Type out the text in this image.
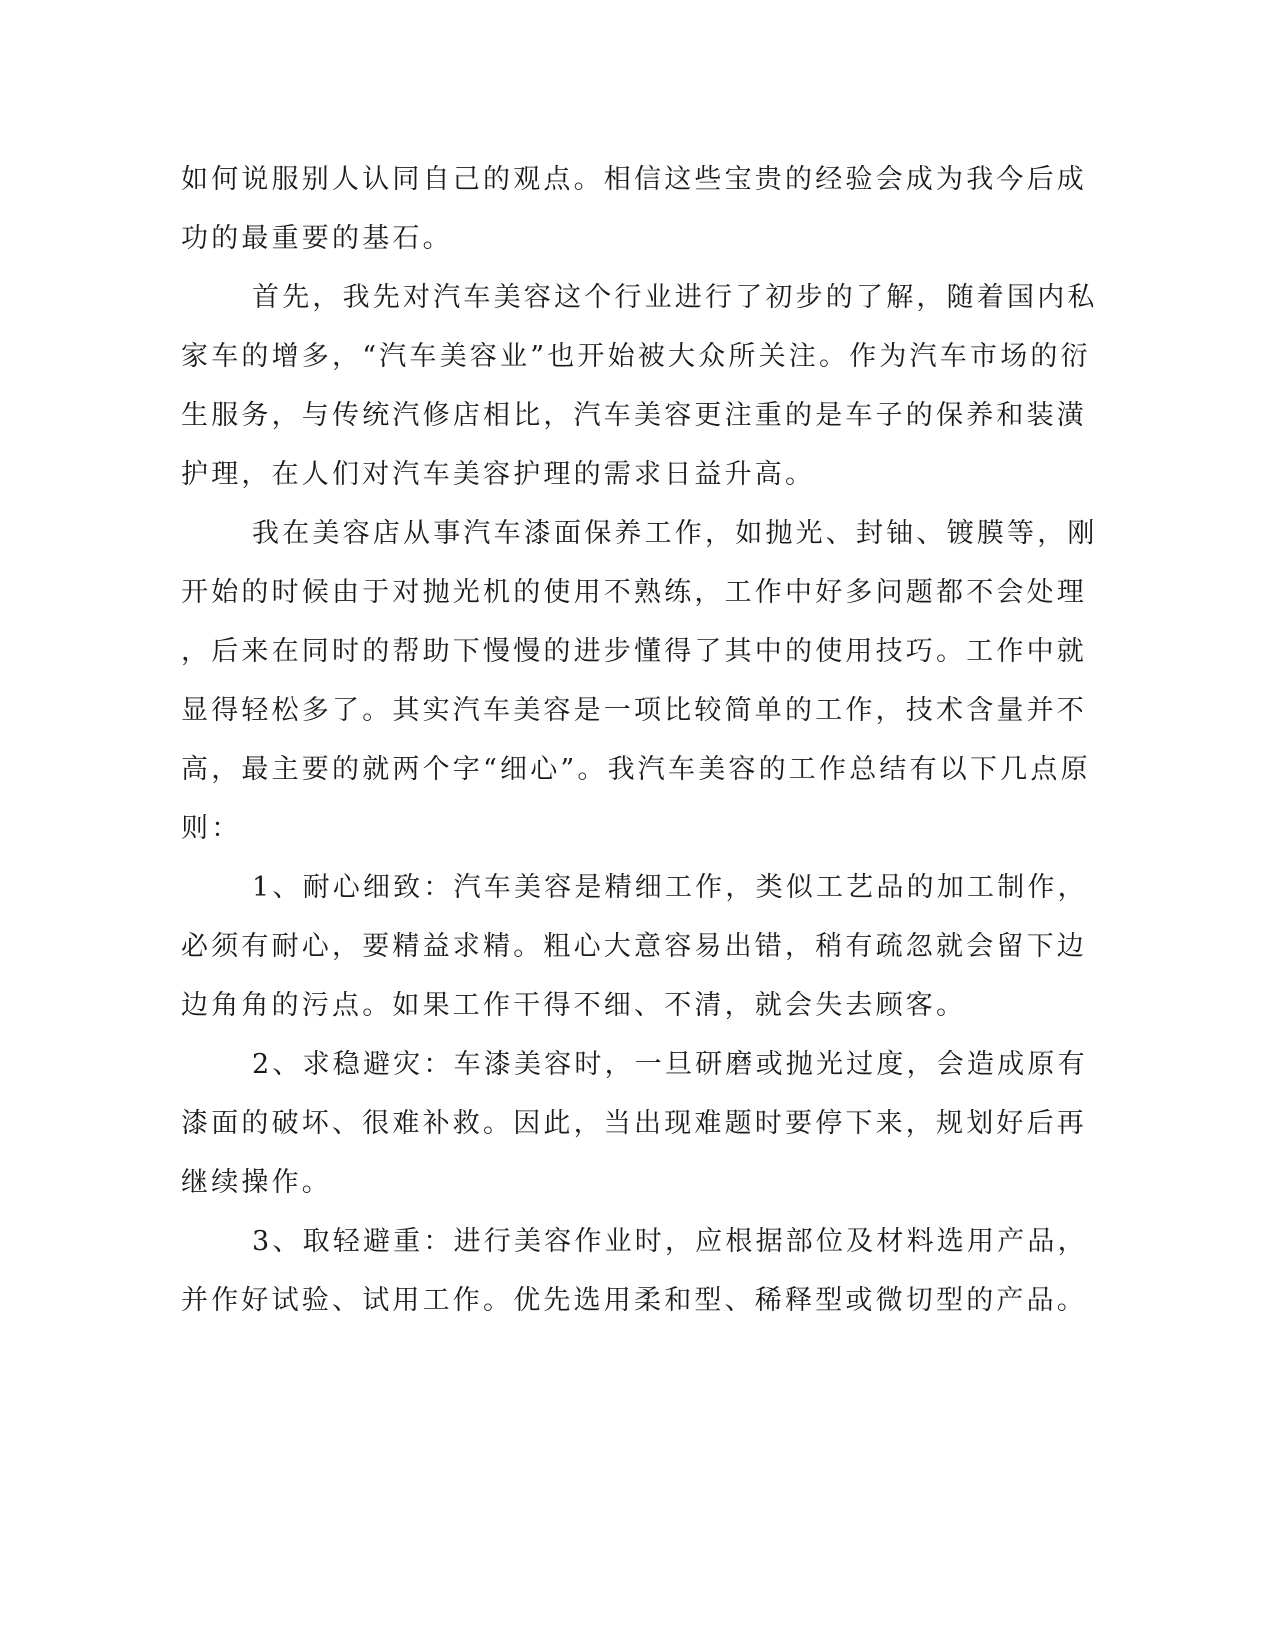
如何说服别人认同自己的观点。相信这些宝贵的经验会成为我今后成
功的最重要的基石。
首先，我先对汽车美容这个行业进行了初步的了解，随着国内私
家车的增多，“汽车美容业”也开始被大众所关注。作为汽车市场的衍
生服务，与传统汽修店相比，汽车美容更注重的是车子的保养和装潢
护理，在人们对汽车美容护理的需求日益升高。
我在美容店从事汽车漆面保养工作，如抛光、封铀、镀膜等，刚
开始的时候由于对抛光机的使用不熟练，工作中好多问题都不会处理
，后来在同时的帮助下慢慢的进步懂得了其中的使用技巧。工作中就
显得轻松多了。其实汽车美容是一项比较简单的工作，技术含量并不
高，最主要的就两个字“细心”。我汽车美容的工作总结有以下几点原
则：
1、耐心细致：汽车美容是精细工作，类似工艺品的加工制作，
必须有耐心，要精益求精。粗心大意容易出错，稍有疏忽就会留下边
边角角的污点。如果工作干得不细、不清，就会失去顾客。
2、求稳避灾：车漆美容时，一旦研磨或抛光过度，会造成原有
漆面的破坏、很难补救。因此，当出现难题时要停下来，规划好后再
继续操作。
3、取轻避重：进行美容作业时，应根据部位及材料选用产品，
并作好试验、试用工作。优先选用柔和型、稀释型或微切型的产品。
